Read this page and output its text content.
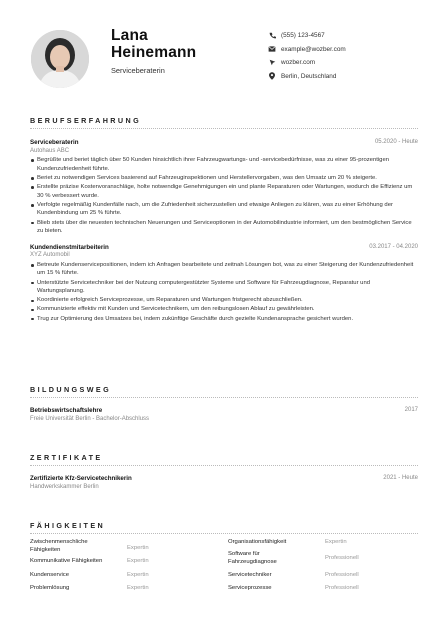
Lana
Heinemann
Serviceberaterin
(555) 123-4567
example@wozber.com
wozber.com
Berlin, Deutschland
BERUFSERFAHRUNG
Serviceberaterin
Autohaus ABC
05.2020 - Heute
Begrüßte und beriet täglich über 50 Kunden hinsichtlich ihrer Fahrzeugwartungs- und -servicebedürfnisse, was zu einer 95-prozentigen Kundenzufriedenheit führte.
Beriet zu notwendigen Services basierend auf Fahrzeuginspektionen und Herstellervorgaben, was den Umsatz um 20 % steigerte.
Erstellte präzise Kostenvoranschläge, holte notwendige Genehmigungen ein und plante Reparaturen oder Wartungen, wodurch die Effizienz um 30 % verbessert wurde.
Verfolgte regelmäßig Kundenfälle nach, um die Zufriedenheit sicherzustellen und etwaige Anliegen zu klären, was zu einer Erhöhung der Kundenbindung um 25 % führte.
Blieb stets über die neuesten technischen Neuerungen und Serviceoptionen in der Automobilindustrie informiert, um den bestmöglichen Service zu bieten.
Kundendienstmitarbeiterin
XYZ Automobil
03.2017 - 04.2020
Betreute Kundenservicepositionen, indem ich Anfragen bearbeitete und zeitnah Lösungen bot, was zu einer Steigerung der Kundenzufriedenheit um 15 % führte.
Unterstützte Servicetechniker bei der Nutzung computergestützter Systeme und Software für Fahrzeugdiagnose, Reparatur und Wartungsplanung.
Koordinierte erfolgreich Serviceprozesse, um Reparaturen und Wartungen fristgerecht abzuschließen.
Kommunizierte effektiv mit Kunden und Servicetechnikern, um den reibungslosen Ablauf zu gewährleisten.
Trug zur Optimierung des Umsatzes bei, indem zukünftige Geschäfte durch gezielte Kundenansprache gesichert wurden.
BILDUNGSWEG
Betriebswirtschaftslehre
Freie Universität Berlin - Bachelor-Abschluss
2017
ZERTIFIKATE
Zertifizierte Kfz-Servicetechnikerin
Handwerkskammer Berlin
2021 - Heute
FÄHIGKEITEN
Zwischenmenschliche Fähigkeiten	Expertin
Kommunikative Fähigkeiten	Expertin
Kundenservice	Expertin
Problemlösung	Expertin
Organisationsfähigkeit	Expertin
Software für Fahrzeugdiagnose
Professionell
Servicetechniker	Professionell
Serviceprozesse	Professionell
